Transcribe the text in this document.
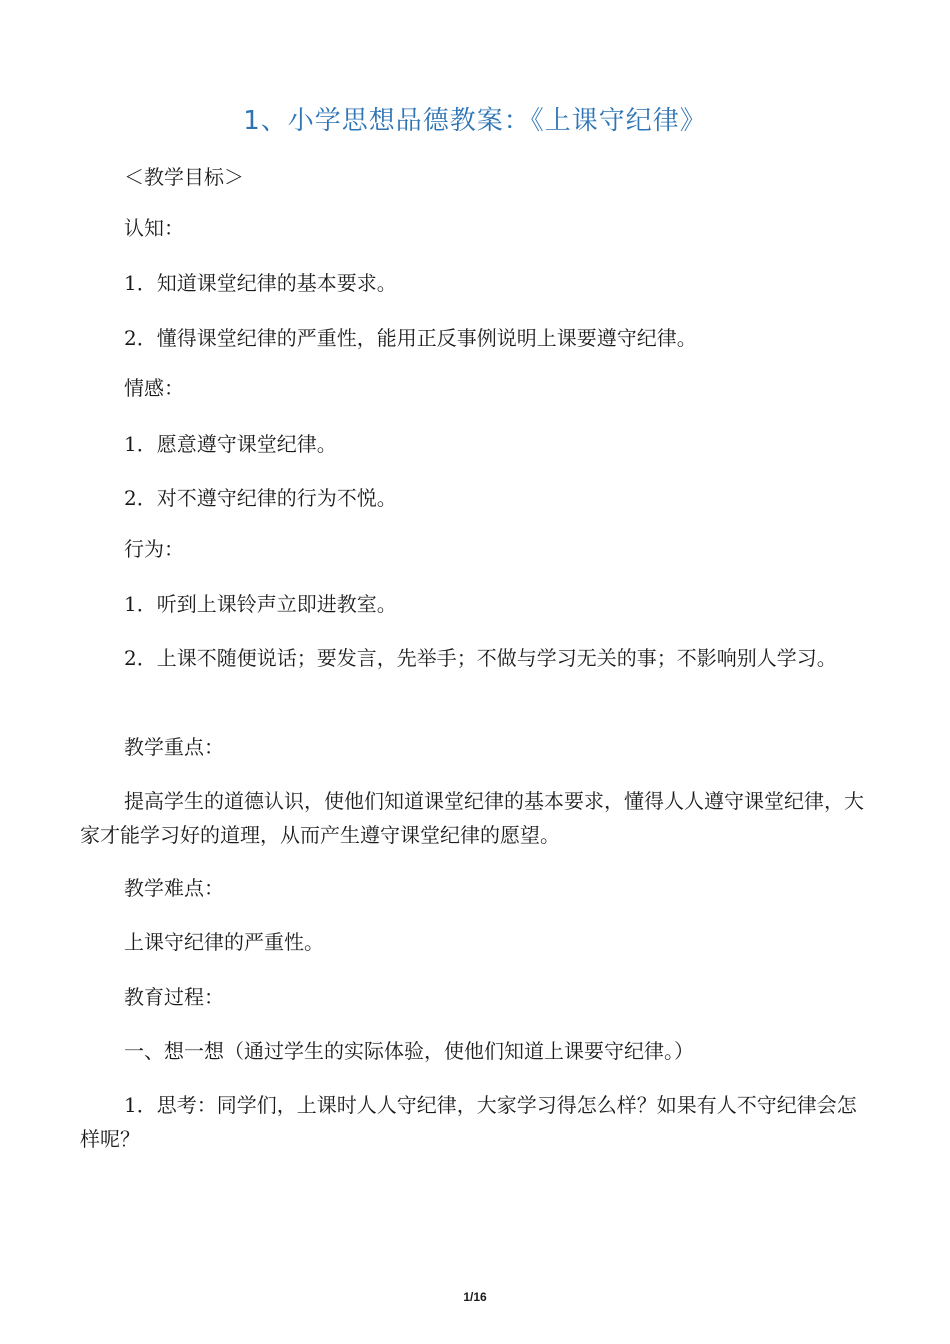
1、小学思想品德教案：《上课守纪律》

＜教学目标＞

认知：

1．知道课堂纪律的基本要求。

2．懂得课堂纪律的严重性，能用正反事例说明上课要遵守纪律。

情感：

1．愿意遵守课堂纪律。

2．对不遵守纪律的行为不悦。

行为：

1．听到上课铃声立即进教室。

2．上课不随便说话；要发言，先举手；不做与学习无关的事；不影响别人学习。

教学重点：

提高学生的道德认识，使他们知道课堂纪律的基本要求，懂得人人遵守课堂纪律，大家才能学习好的道理，从而产生遵守课堂纪律的愿望。

教学难点：

上课守纪律的严重性。

教育过程：

一、想一想（通过学生的实际体验，使他们知道上课要守纪律。）

1．思考：同学们，上课时人人守纪律，大家学习得怎么样？如果有人不守纪律会怎样呢？

1/16
